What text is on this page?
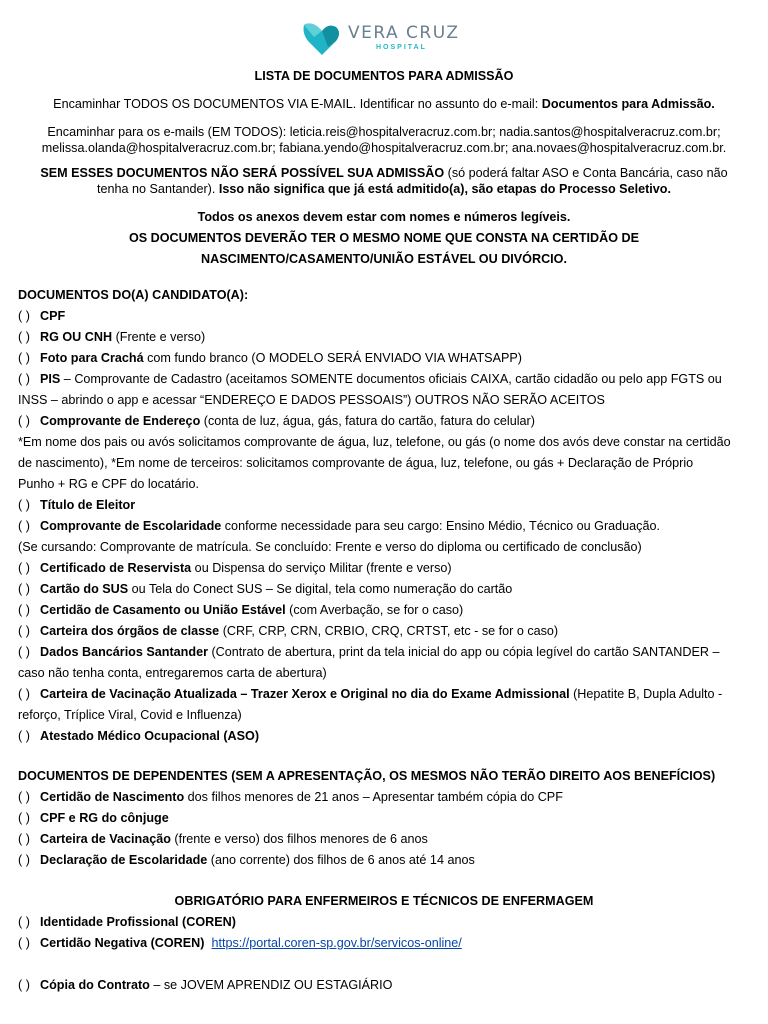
VERA CRUZ
HOSPITAL
LISTA DE DOCUMENTOS PARA ADMISSÃO
Encaminhar TODOS OS DOCUMENTOS VIA E-MAIL. Identificar no assunto do e-mail: Documentos para Admissão.
Encaminhar para os e-mails (EM TODOS): leticia.reis@hospitalveracruz.com.br; nadia.santos@hospitalveracruz.com.br;
melissa.olanda@hospitalveracruz.com.br; fabiana.yendo@hospitalveracruz.com.br; ana.novaes@hospitalveracruz.com.br.
SEM ESSES DOCUMENTOS NÃO SERÁ POSSÍVEL SUA ADMISSÃO (só poderá faltar ASO e Conta Bancária, caso não
tenha no Santander). Isso não significa que já está admitido(a), são etapas do Processo Seletivo.
Todos os anexos devem estar com nomes e números legíveis.
OS DOCUMENTOS DEVERÃO TER O MESMO NOME QUE CONSTA NA CERTIDÃO DE
NASCIMENTO/CASAMENTO/UNIÃO ESTÁVEL OU DIVÓRCIO.
DOCUMENTOS DO(A) CANDIDATO(A):
( ) CPF
( ) RG OU CNH (Frente e verso)
( ) Foto para Crachá com fundo branco (O MODELO SERÁ ENVIADO VIA WHATSAPP)
( ) PIS – Comprovante de Cadastro (aceitamos SOMENTE documentos oficiais CAIXA, cartão cidadão ou pelo app FGTS ou
INSS – abrindo o app e acessar “ENDEREÇO E DADOS PESSOAIS”) OUTROS NÃO SERÃO ACEITOS
( ) Comprovante de Endereço (conta de luz, água, gás, fatura do cartão, fatura do celular)
*Em nome dos pais ou avós solicitamos comprovante de água, luz, telefone, ou gás (o nome dos avós deve constar na certidão
de nascimento), *Em nome de terceiros: solicitamos comprovante de água, luz, telefone, ou gás + Declaração de Próprio
Punho + RG e CPF do locatário.
( ) Título de Eleitor
( ) Comprovante de Escolaridade conforme necessidade para seu cargo: Ensino Médio, Técnico ou Graduação.
(Se cursando: Comprovante de matrícula. Se concluído: Frente e verso do diploma ou certificado de conclusão)
( ) Certificado de Reservista ou Dispensa do serviço Militar (frente e verso)
( ) Cartão do SUS ou Tela do Conect SUS – Se digital, tela como numeração do cartão
( ) Certidão de Casamento ou União Estável (com Averbação, se for o caso)
( ) Carteira dos órgãos de classe (CRF, CRP, CRN, CRBIO, CRQ, CRTST, etc - se for o caso)
( ) Dados Bancários Santander (Contrato de abertura, print da tela inicial do app ou cópia legível do cartão SANTANDER –
caso não tenha conta, entregaremos carta de abertura)
( ) Carteira de Vacinação Atualizada – Trazer Xerox e Original no dia do Exame Admissional (Hepatite B, Dupla Adulto -
reforço, Tríplice Viral, Covid e Influenza)
( ) Atestado Médico Ocupacional (ASO)
DOCUMENTOS DE DEPENDENTES (SEM A APRESENTAÇÃO, OS MESMOS NÃO TERÃO DIREITO AOS BENEFÍCIOS)
( ) Certidão de Nascimento dos filhos menores de 21 anos – Apresentar também cópia do CPF
( ) CPF e RG do cônjuge
( ) Carteira de Vacinação (frente e verso) dos filhos menores de 6 anos
( ) Declaração de Escolaridade (ano corrente) dos filhos de 6 anos até 14 anos
OBRIGATÓRIO PARA ENFERMEIROS E TÉCNICOS DE ENFERMAGEM
( ) Identidade Profissional (COREN)
( ) Certidão Negativa (COREN) https://portal.coren-sp.gov.br/servicos-online/
( ) Cópia do Contrato – se JOVEM APRENDIZ OU ESTAGIÁRIO
